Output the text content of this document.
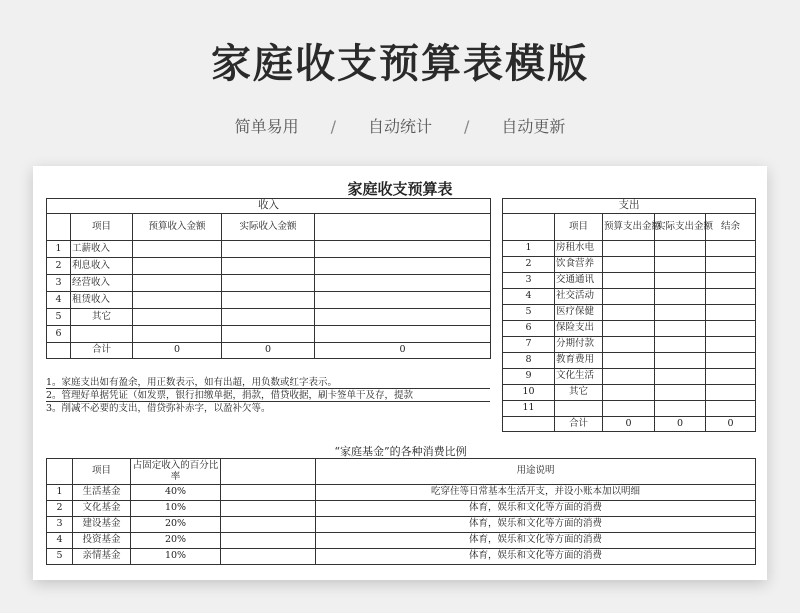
家庭收支预算表模版
简单易用 / 自动统计 / 自动更新
家庭收支预算表
收入				
	项目	预算收入金额	实际收入金额	
1	工薪收入			
2	利息收入			
3	经营收入			
4	租赁收入			
5	其它			
6				
	合计	0	0	0
支出				
	项目	预算支出金额	实际支出金额	结余
1	房租水电			
2	饮食营养			
3	交通通讯			
4	社交活动			
5	医疗保健			
6	保险支出			
7	分期付款			
8	教育费用			
9	文化生活			
10	其它			
11				
	合计	0	0	0
1。家庭支出如有盈余，用正数表示，如有出超，用负数或红字表示。
2。管理好单据凭证（如发票，银行扣缴单据，捐款，借贷收据，刷卡签单干及存，提款
3。削减不必要的支出，借贷弥补赤字，以盈补欠等。
“家庭基金”的各种消费比例
	项目	占固定收入的百分比率		用途说明
1	生活基金	40%		吃穿住等日常基本生活开支，并设小账本加以明细
2	文化基金	10%		体育，娱乐和文化等方面的消费
3	建设基金	20%		体育，娱乐和文化等方面的消费
4	投资基金	20%		体育，娱乐和文化等方面的消费
5	亲情基金	10%		体育，娱乐和文化等方面的消费
